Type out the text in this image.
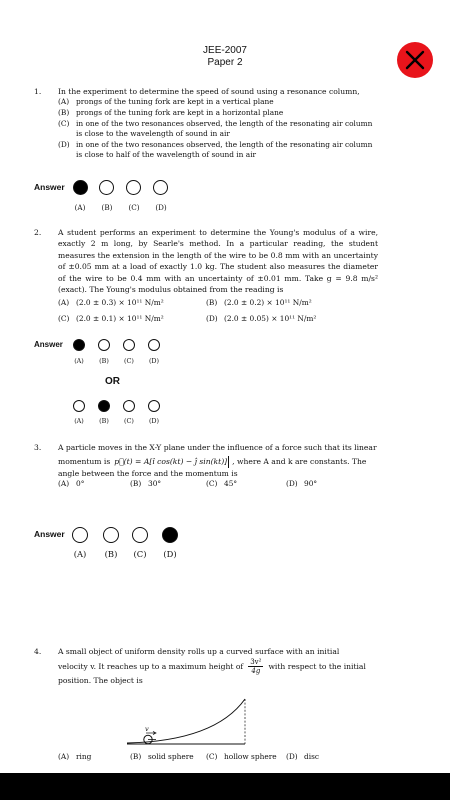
JEE-2007
Paper 2
1.	In the experiment to determine the speed of sound using a resonance column,
(A) prongs of the tuning fork are kept in a vertical plane
(B) prongs of the tuning fork are kept in a horizontal plane
(C) in one of the two resonances observed, the length of the resonating air column is close to the wavelength of sound in air
(D) in one of the two resonances observed, the length of the resonating air column is close to half of the wavelength of sound in air
Answer
(A)	(B)	(C)	(D)
2.	A student performs an experiment to determine the Young's modulus of a wire, exactly 2 m long, by Searle's method. In a particular reading, the student measures the extension in the length of the wire to be 0.8 mm with an uncertainty of ±0.05 mm at a load of exactly 1.0 kg. The student also measures the diameter of the wire to be 0.4 mm with an uncertainty of ±0.01 mm. Take g = 9.8 m/s² (exact). The Young's modulus obtained from the reading is
(A) (2.0 ± 0.3) × 10¹¹ N/m²	(B) (2.0 ± 0.2) × 10¹¹ N/m²
(C) (2.0 ± 0.1) × 10¹¹ N/m²	(D) (2.0 ± 0.05) × 10¹¹ N/m²
Answer
(A)	(B)	(C)	(D)
OR
(A)	(B)	(C)	(D)
3.	A particle moves in the X-Y plane under the influence of a force such that its linear
momentum is p⃗(t) = A[î cos(kt) − ĵ sin(kt)] , where A and k are constants. The
angle between the force and the momentum is
(A) 0°	(B) 30°	(C) 45°	(D) 90°
Answer
(A)	(B)	(C)	(D)
4.	A small object of uniform density rolls up a curved surface with an initial
velocity v. It reaches up to a maximum height of $\frac{\text{3v²}}{4g}$ with respect to the initial
position. The object is
v
(A) ring	(B) solid sphere	(C) hollow sphere	(D) disc
